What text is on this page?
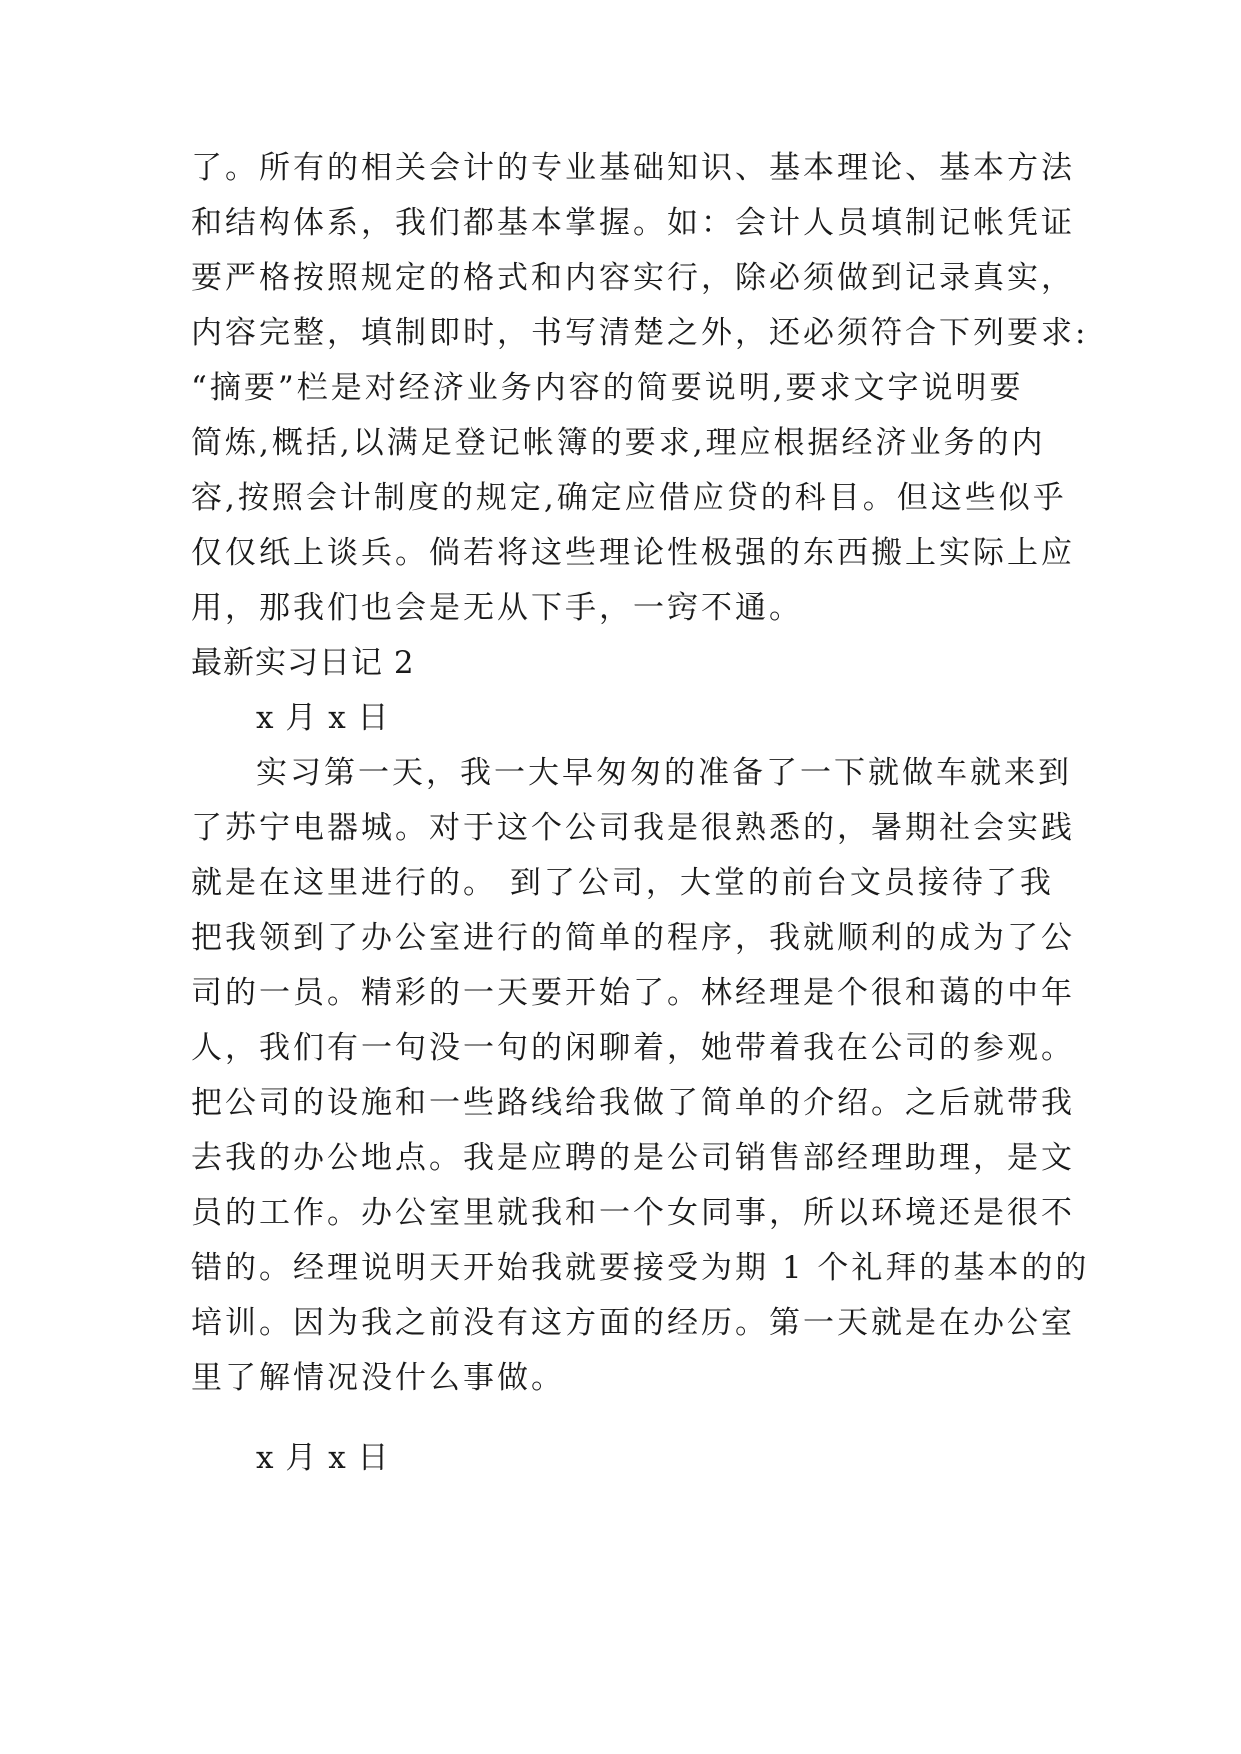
了。所有的相关会计的专业基础知识、基本理论、基本方法
和结构体系，我们都基本掌握。如：会计人员填制记帐凭证
要严格按照规定的格式和内容实行，除必须做到记录真实，
内容完整，填制即时，书写清楚之外，还必须符合下列要求:
“摘要”栏是对经济业务内容的简要说明,要求文字说明要
简炼,概括,以满足登记帐簿的要求,理应根据经济业务的内
容,按照会计制度的规定,确定应借应贷的科目。但这些似乎
仅仅纸上谈兵。倘若将这些理论性极强的东西搬上实际上应
用，那我们也会是无从下手，一窍不通。
最新实习日记 2
x 月 x 日
实习第一天，我一大早匆匆的准备了一下就做车就来到
了苏宁电器城。对于这个公司我是很熟悉的，暑期社会实践
就是在这里进行的。 到了公司，大堂的前台文员接待了我
把我领到了办公室进行的简单的程序，我就顺利的成为了公
司的一员。精彩的一天要开始了。林经理是个很和蔼的中年
人，我们有一句没一句的闲聊着，她带着我在公司的参观。
把公司的设施和一些路线给我做了简单的介绍。之后就带我
去我的办公地点。我是应聘的是公司销售部经理助理，是文
员的工作。办公室里就我和一个女同事，所以环境还是很不
错的。经理说明天开始我就要接受为期 1 个礼拜的基本的的
培训。因为我之前没有这方面的经历。第一天就是在办公室
里了解情况没什么事做。
x 月 x 日
